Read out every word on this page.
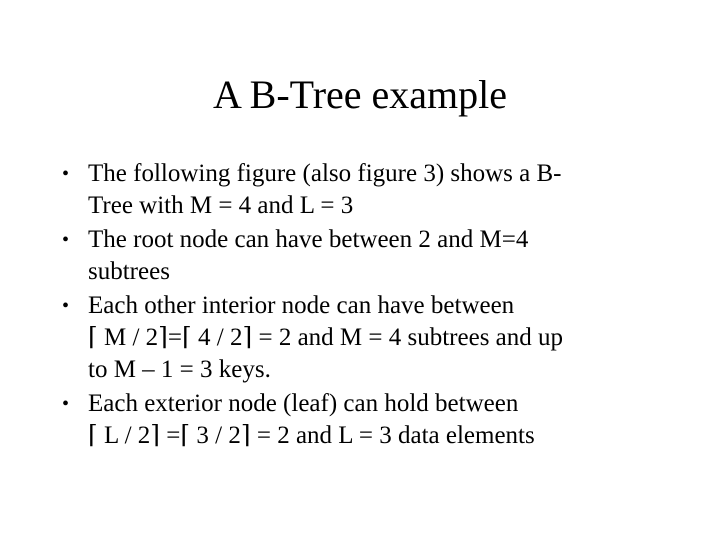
A B-Tree example
• The following figure (also figure 3) shows a B-
Tree with M = 4 and L = 3
• The root node can have between 2 and M=4
subtrees
• Each other interior node can have between
⌈ M / 2⌉=⌈ 4 / 2⌉ = 2 and M = 4 subtrees and up
to M – 1 = 3 keys.
• Each exterior node (leaf) can hold between
⌈ L / 2⌉ =⌈ 3 / 2⌉ = 2 and L = 3 data elements
